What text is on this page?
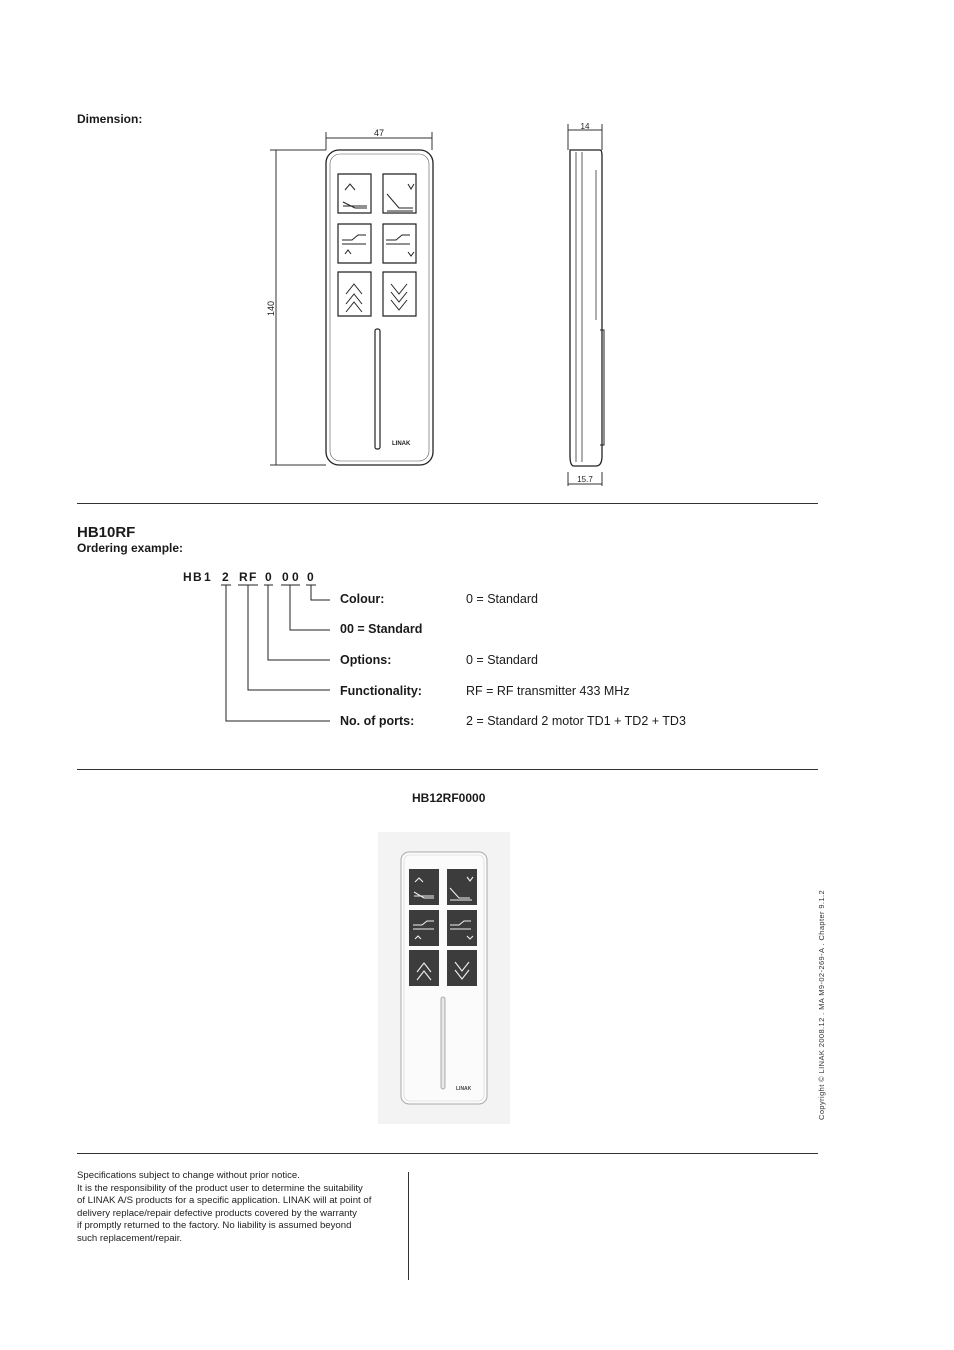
Dimension:
47
140
LINAK
14
15.7
HB10RF
Ordering example:
H B 1 2 R F 0 0 0 0
Colour:	0 = Standard
00 = Standard
Options:	0 = Standard
Functionality:	RF = RF transmitter 433 MHz
No. of ports:	2 = Standard 2 motor TD1 + TD2 + TD3
HB12RF0000
LINAK	Copyright © LINAK 2008.12 . MA M9-02-269-A . Chapter 9.1.2
Specifications subject to change without prior notice.
It is the responsibility of the product user to determine the suitability
of LINAK A/S products for a specific application. LINAK will at point of
delivery replace/repair defective products covered by the warranty
if promptly returned to the factory. No liability is assumed beyond
such replacement/repair.
